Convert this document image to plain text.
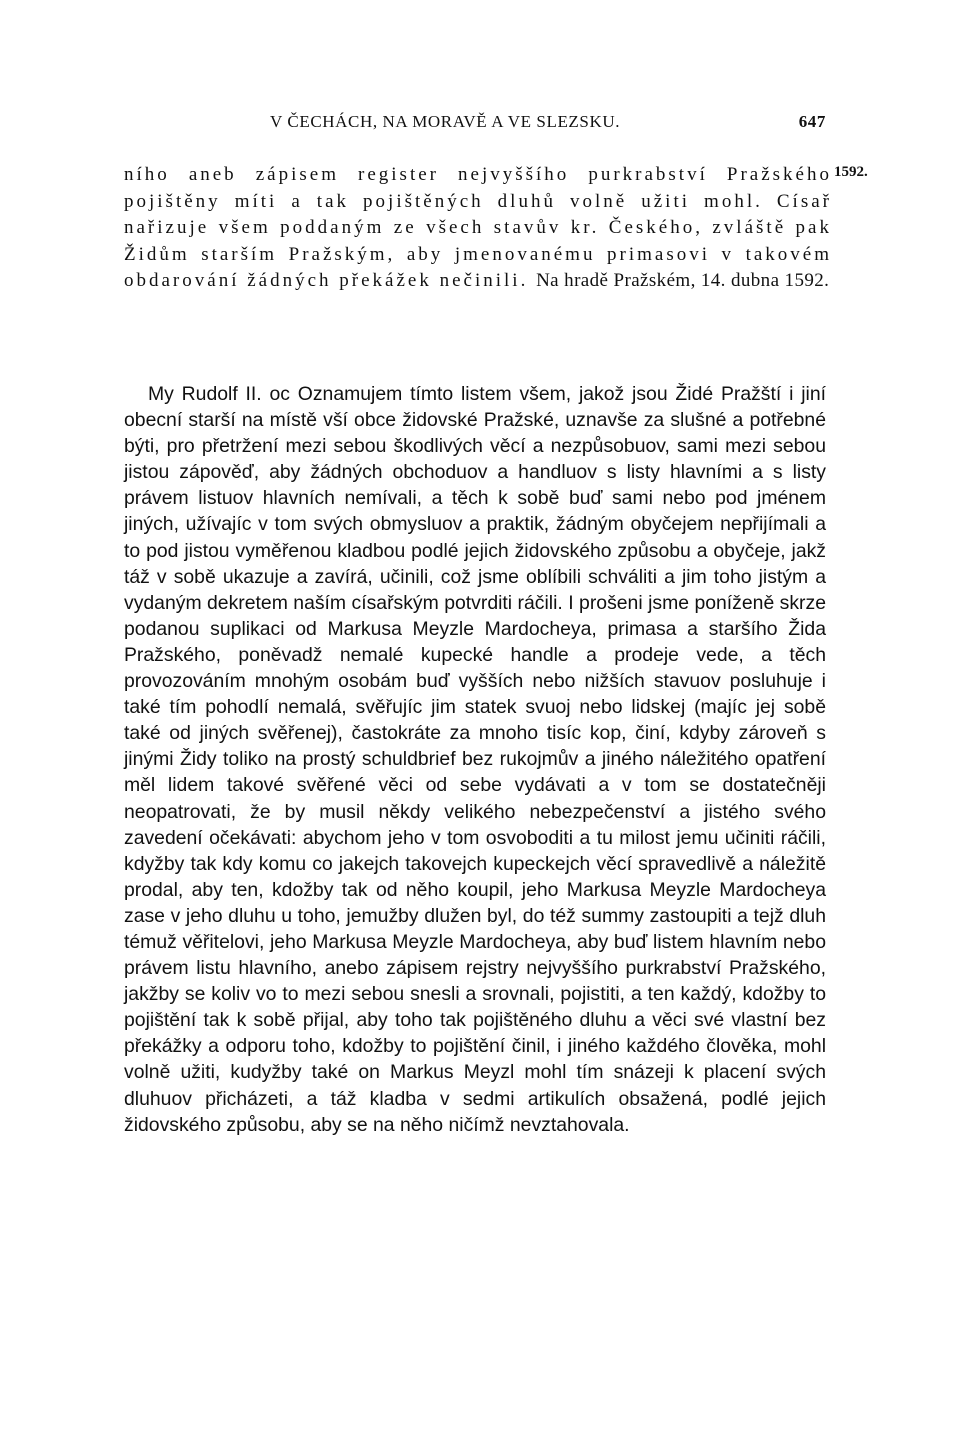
V ČECHÁCH, NA MORAVĚ A VE SLEZSKU.	647
1592.
ního aneb zápisem register nejvyššího purkrabství Pražského pojištěny míti a tak pojištěných dluhů volně užiti mohl. Císař nařizuje všem poddaným ze všech stavův kr. Českého, zvláště pak Židům starším Pražským, aby jmenovanému primasovi v takovém obdarování žádných překážek nečinili. Na hradě Pražském, 14. dubna 1592.

My Rudolf II. oc Oznamujem tímto listem všem, jakož jsou Židé Pražští i jiní obecní starší na místě vší obce židovské Pražské, uznavše za slušné a potřebné býti, pro přetržení mezi sebou škodlivých věcí a nezpůsobuov, sami mezi sebou jistou zápověď, aby žádných obchoduov a handluov s listy hlavními a s listy právem listuov hlavních nemívali, a těch k sobě buď sami nebo pod jménem jiných, užívajíc v tom svých obmysluov a praktik, žádným obyčejem nepřijímali a to pod jistou vyměřenou kladbou podlé jejich židovského způsobu a obyčeje, jakž táž v sobě ukazuje a zavírá, učinili, což jsme oblíbili schváliti a jim toho jistým a vydaným dekretem naším císařským potvrditi ráčili. I prošeni jsme poníženě skrze podanou suplikaci od Markusa Meyzle Mardocheya, primasa a staršího Žida Pražského, poněvadž nemalé kupecké handle a prodeje vede, a těch provozováním mnohým osobám buď vyšších nebo nižších stavuov posluhuje i také tím pohodlí nemalá, svěřujíc jim statek svuoj nebo lidskej (majíc jej sobě také od jiných svěřenej), častokráte za mnoho tisíc kop, činí, kdyby zároveň s jinými Židy toliko na prostý schuldbrief bez rukojmův a jiného náležitého opatření měl lidem takové svěřené věci od sebe vydávati a v tom se dostatečněji neopatrovati, že by musil někdy velikého nebezpečenství a jistého svého zavedení očekávati: abychom jeho v tom osvoboditi a tu milost jemu učiniti ráčili, kdyžby tak kdy komu co jakejch takovejch kupeckejch věcí spravedlivě a náležitě prodal, aby ten, kdožby tak od něho koupil, jeho Markusa Meyzle Mardocheya zase v jeho dluhu u toho, jemužby dlužen byl, do též summy zastoupiti a tejž dluh témuž věřitelovi, jeho Markusa Meyzle Mardocheya, aby buď listem hlavním nebo právem listu hlavního, anebo zápisem rejstry nejvyššího purkrabství Pražského, jakžby se koliv vo to mezi sebou snesli a srovnali, pojistiti, a ten každý, kdožby to pojištění tak k sobě přijal, aby toho tak pojištěného dluhu a věci své vlastní bez překážky a odporu toho, kdožby to pojištění činil, i jiného každého člověka, mohl volně užiti, kudyžby také on Markus Meyzl mohl tím snázeji k placení svých dluhuov přicházeti, a táž kladba v sedmi artikulích obsažená, podlé jejich židovského způsobu, aby se na něho ničímž nevztahovala.
